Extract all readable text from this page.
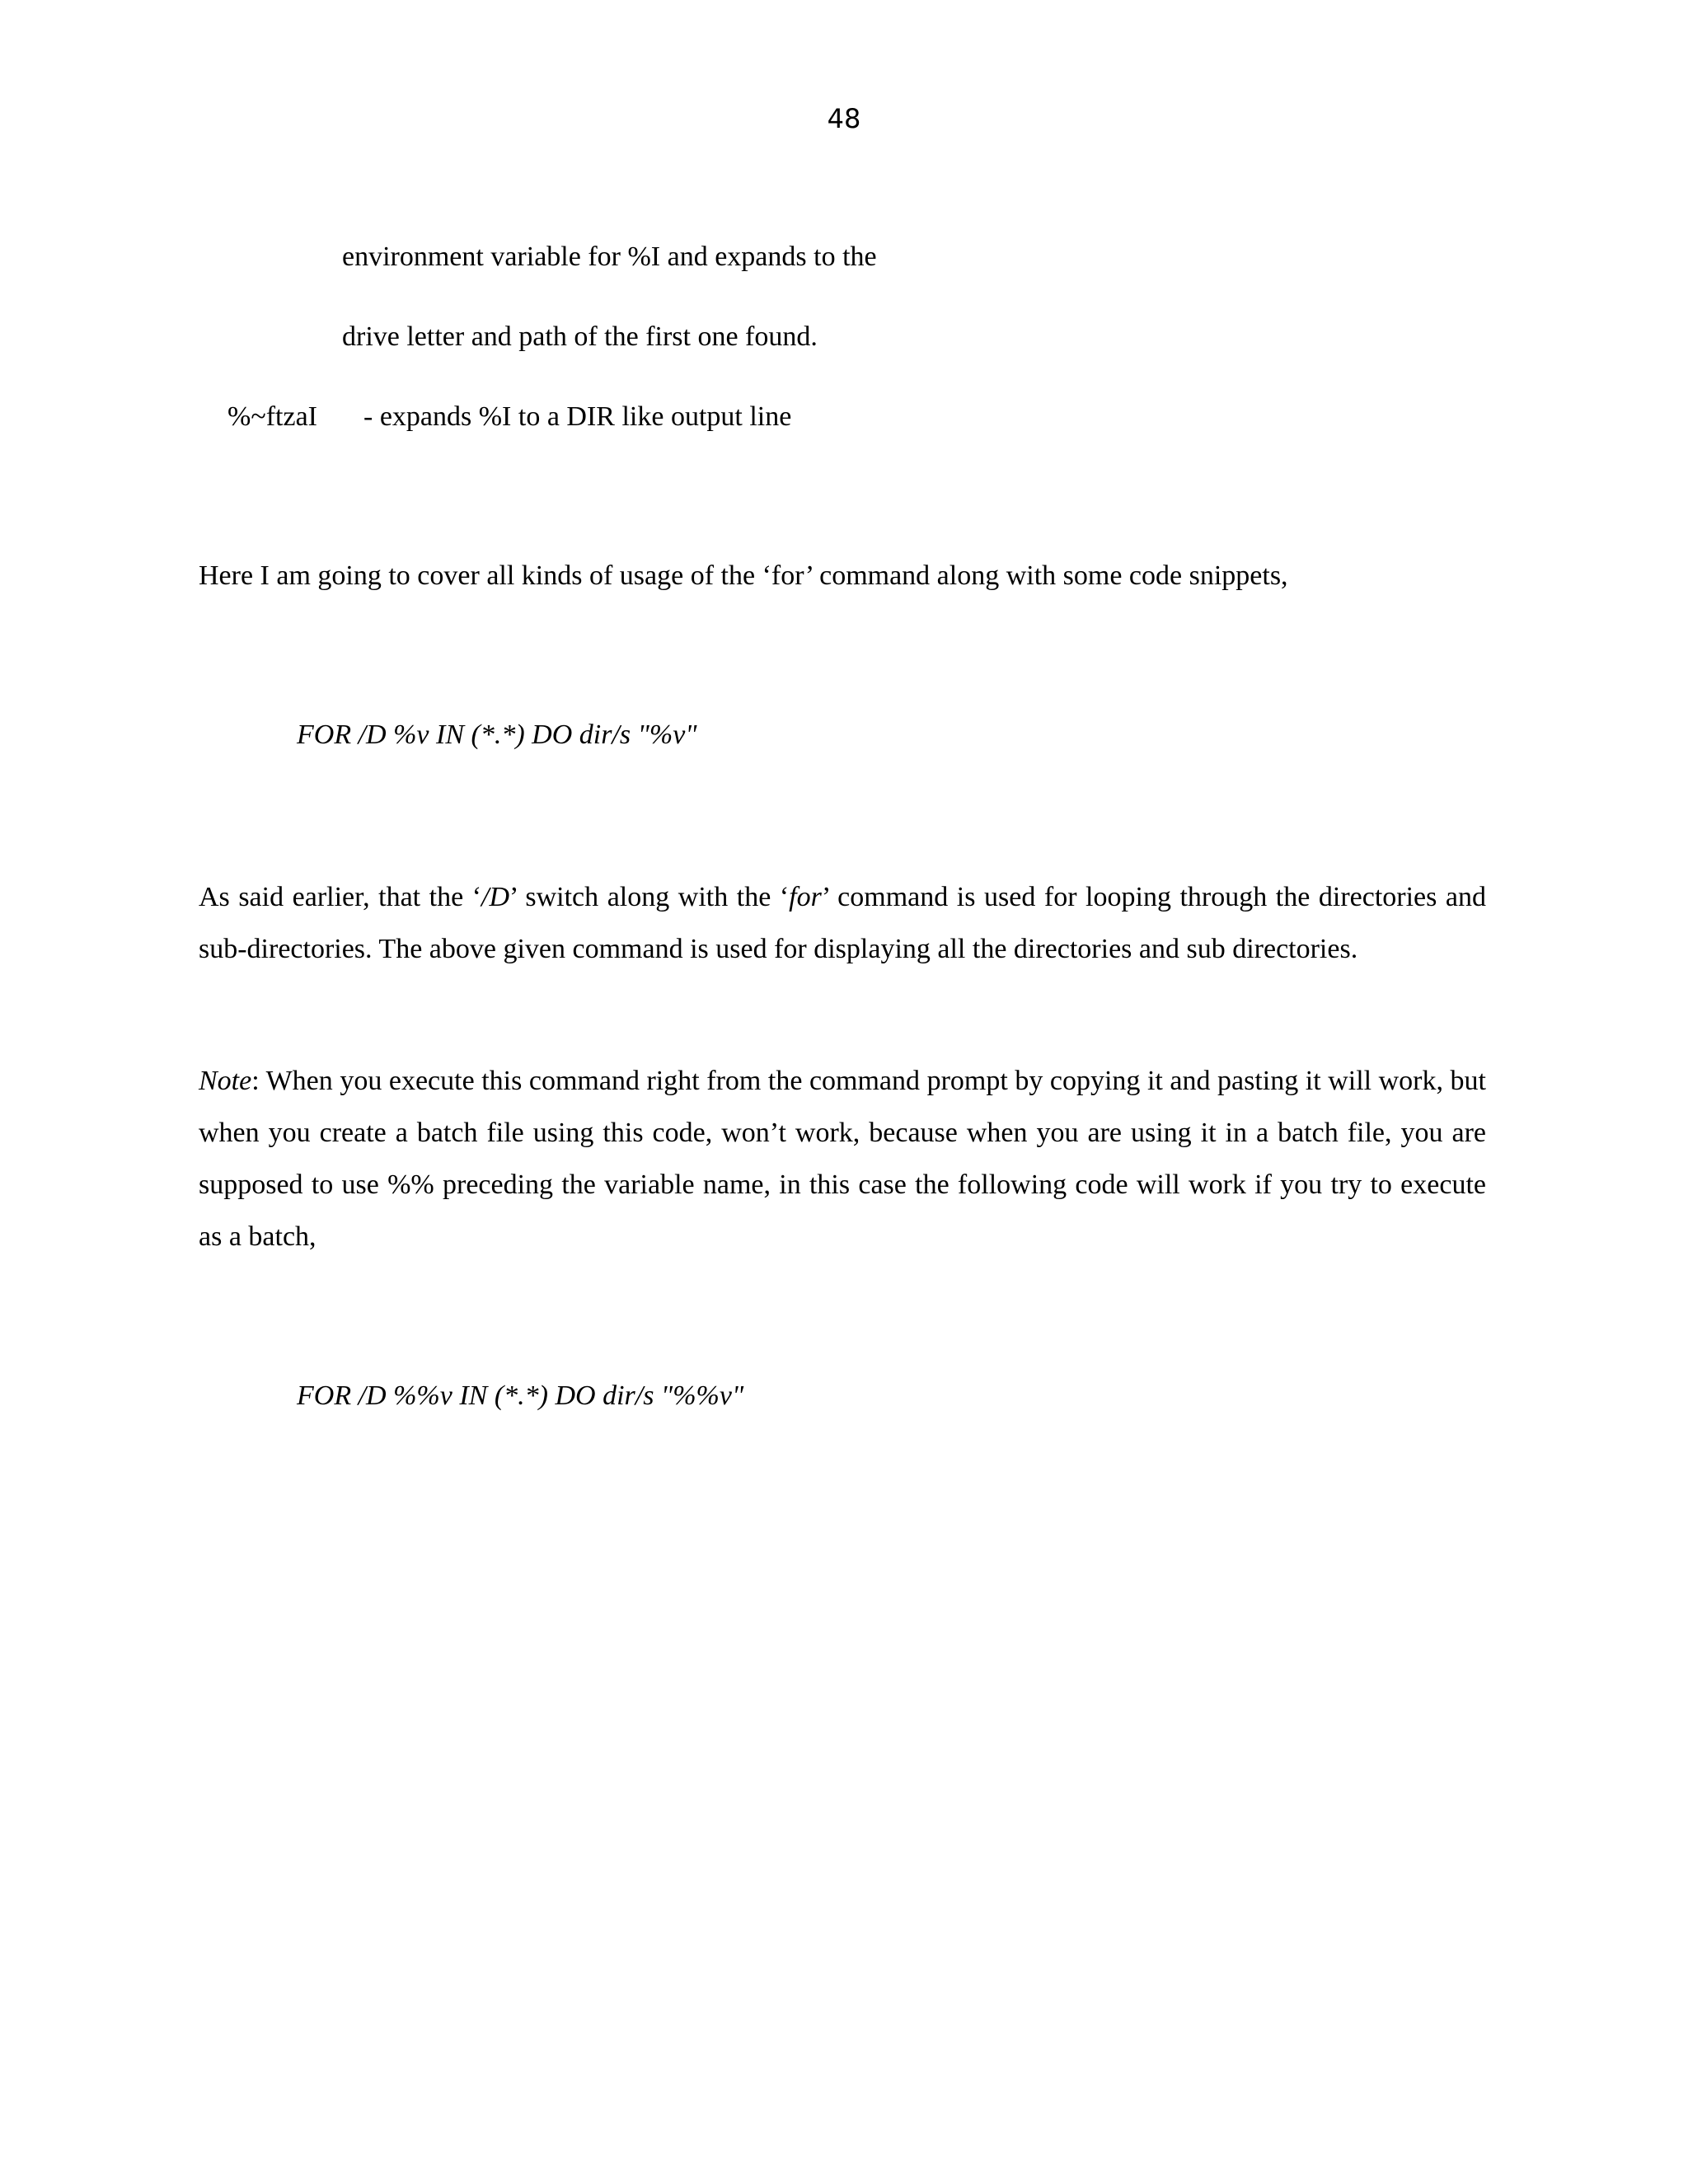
48
environment variable for %I and expands to the
drive letter and path of the first one found.
%~ftzaI - expands %I to a DIR like output line
Here I am going to cover all kinds of usage of the ‘for’ command along with some code snippets,
FOR /D %v IN (*.*) DO dir/s "%v"

As said earlier, that the ‘/D’ switch along with the ‘for’ command is used for looping through the directories and sub-directories. The above given command is used for displaying all the directories and sub directories.

Note: When you execute this command right from the command prompt by copying it and pasting it will work, but when you create a batch file using this code, won’t work, because when you are using it in a batch file, you are supposed to use %% preceding the variable name, in this case the following code will work if you try to execute as a batch,

FOR /D %%v IN (*.*) DO dir/s "%%v"
